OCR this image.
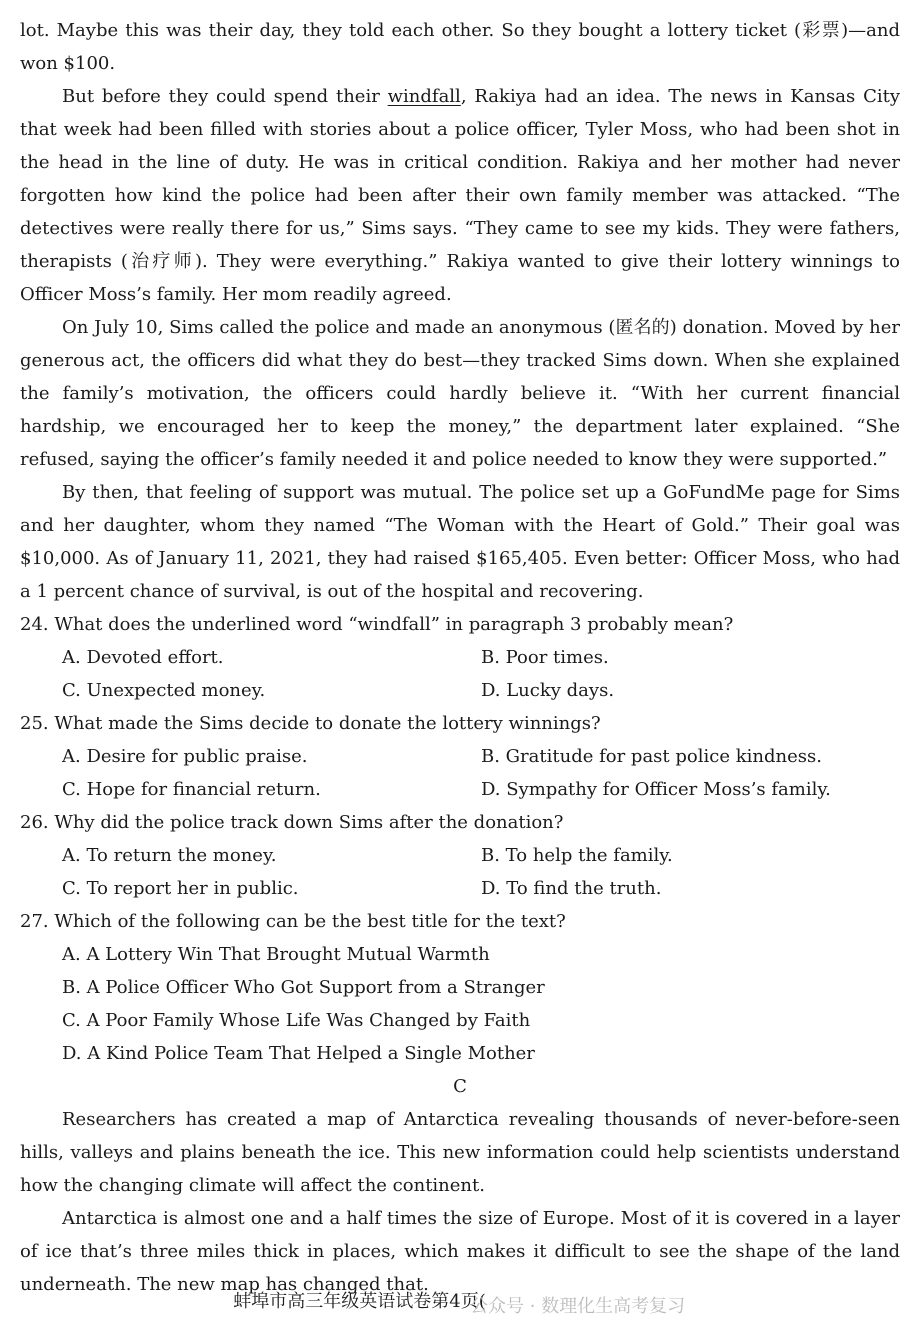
lot. Maybe this was their day, they told each other. So they bought a lottery ticket (彩票)—and won $100.

But before they could spend their windfall, Rakiya had an idea. The news in Kansas City that week had been filled with stories about a police officer, Tyler Moss, who had been shot in the head in the line of duty. He was in critical condition. Rakiya and her mother had never forgotten how kind the police had been after their own family member was attacked. “The detectives were really there for us,” Sims says. “They came to see my kids. They were fathers, therapists (治疗师). They were everything.” Rakiya wanted to give their lottery winnings to Officer Moss’s family. Her mom readily agreed.

On July 10, Sims called the police and made an anonymous (匿名的) donation. Moved by her generous act, the officers did what they do best—they tracked Sims down. When she explained the family’s motivation, the officers could hardly believe it. “With her current financial hardship, we encouraged her to keep the money,” the department later explained. “She refused, saying the officer’s family needed it and police needed to know they were supported.”

By then, that feeling of support was mutual. The police set up a GoFundMe page for Sims and her daughter, whom they named “The Woman with the Heart of Gold.” Their goal was $10,000. As of January 11, 2021, they had raised $165,405. Even better: Officer Moss, who had a 1 percent chance of survival, is out of the hospital and recovering.

24. What does the underlined word “windfall” in paragraph 3 probably mean?

A. Devoted effort.	B. Poor times.
C. Unexpected money.	D. Lucky days.

25. What made the Sims decide to donate the lottery winnings?

A. Desire for public praise.	B. Gratitude for past police kindness.
C. Hope for financial return.	D. Sympathy for Officer Moss’s family.

26. Why did the police track down Sims after the donation?

A. To return the money.	B. To help the family.
C. To report her in public.	D. To find the truth.

27. Which of the following can be the best title for the text?

A. A Lottery Win That Brought Mutual Warmth
B. A Police Officer Who Got Support from a Stranger
C. A Poor Family Whose Life Was Changed by Faith
D. A Kind Police Team That Helped a Single Mother

C

Researchers has created a map of Antarctica revealing thousands of never-before-seen hills, valleys and plains beneath the ice. This new information could help scientists understand how the changing climate will affect the continent.

Antarctica is almost one and a half times the size of Europe. Most of it is covered in a layer of ice that’s three miles thick in places, which makes it difficult to see the shape of the land underneath. The new map has changed that.

蚌埠市高三年级英语试卷第4页(
公众号 · 数理化生高考复习
